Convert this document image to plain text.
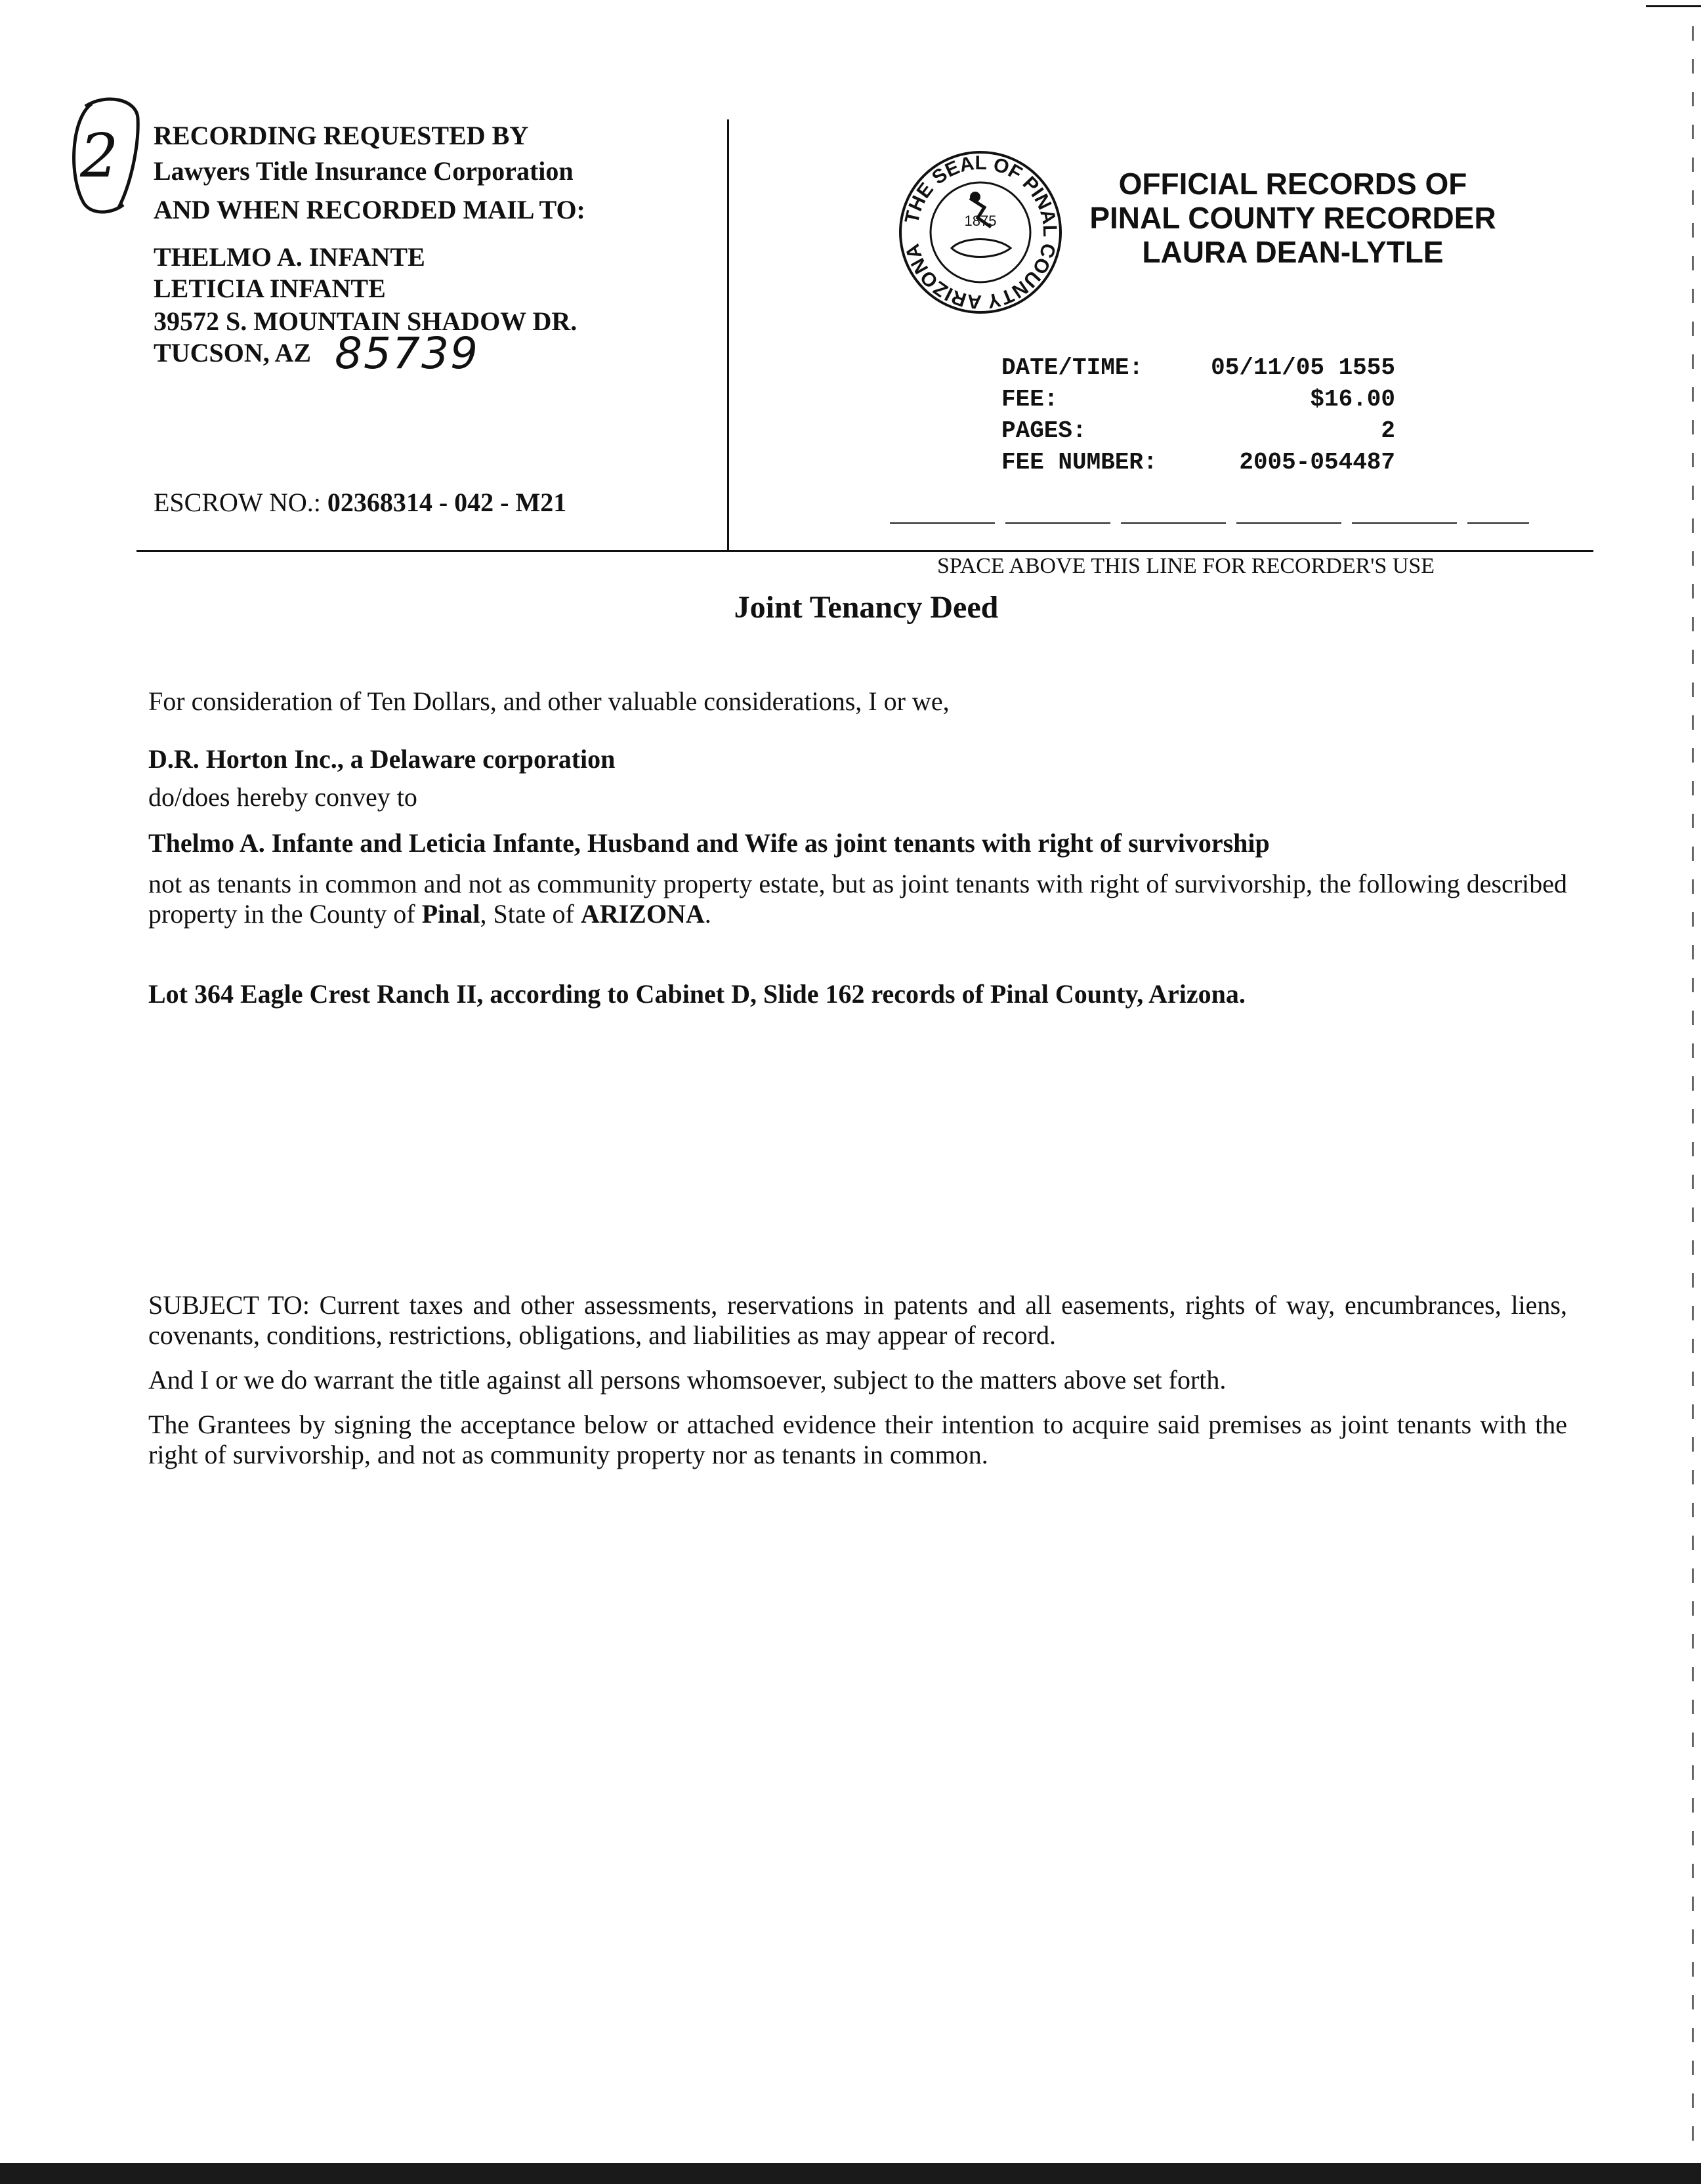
2 RECORDING REQUESTED BY
Lawyers Title Insurance Corporation
AND WHEN RECORDED MAIL TO:
THELMO A. INFANTE
LETICIA INFANTE
39572 S. MOUNTAIN SHADOW DR.
TUCSON, AZ 85739
ESCROW NO.: 02368314 - 042 - M21
THE SEAL OF PINAL COUNTY ARIZONA
1875
OFFICIAL RECORDS OF
PINAL COUNTY RECORDER
LAURA DEAN-LYTLE
DATE/TIME:	05/11/05 1555
FEE:	$16.00
PAGES:	2
FEE NUMBER:	2005-054487
SPACE ABOVE THIS LINE FOR RECORDER'S USE
Joint Tenancy Deed
For consideration of Ten Dollars, and other valuable considerations, I or we,
D.R. Horton Inc., a Delaware corporation
do/does hereby convey to
Thelmo A. Infante and Leticia Infante, Husband and Wife as joint tenants with right of survivorship
not as tenants in common and not as community property estate, but as joint tenants with right of survivorship, the following described property in the County of Pinal, State of ARIZONA.
Lot 364 Eagle Crest Ranch II, according to Cabinet D, Slide 162 records of Pinal County, Arizona.
SUBJECT TO: Current taxes and other assessments, reservations in patents and all easements, rights of way, encumbrances, liens, covenants, conditions, restrictions, obligations, and liabilities as may appear of record.
And I or we do warrant the title against all persons whomsoever, subject to the matters above set forth.
The Grantees by signing the acceptance below or attached evidence their intention to acquire said premises as joint tenants with the right of survivorship, and not as community property nor as tenants in common.
